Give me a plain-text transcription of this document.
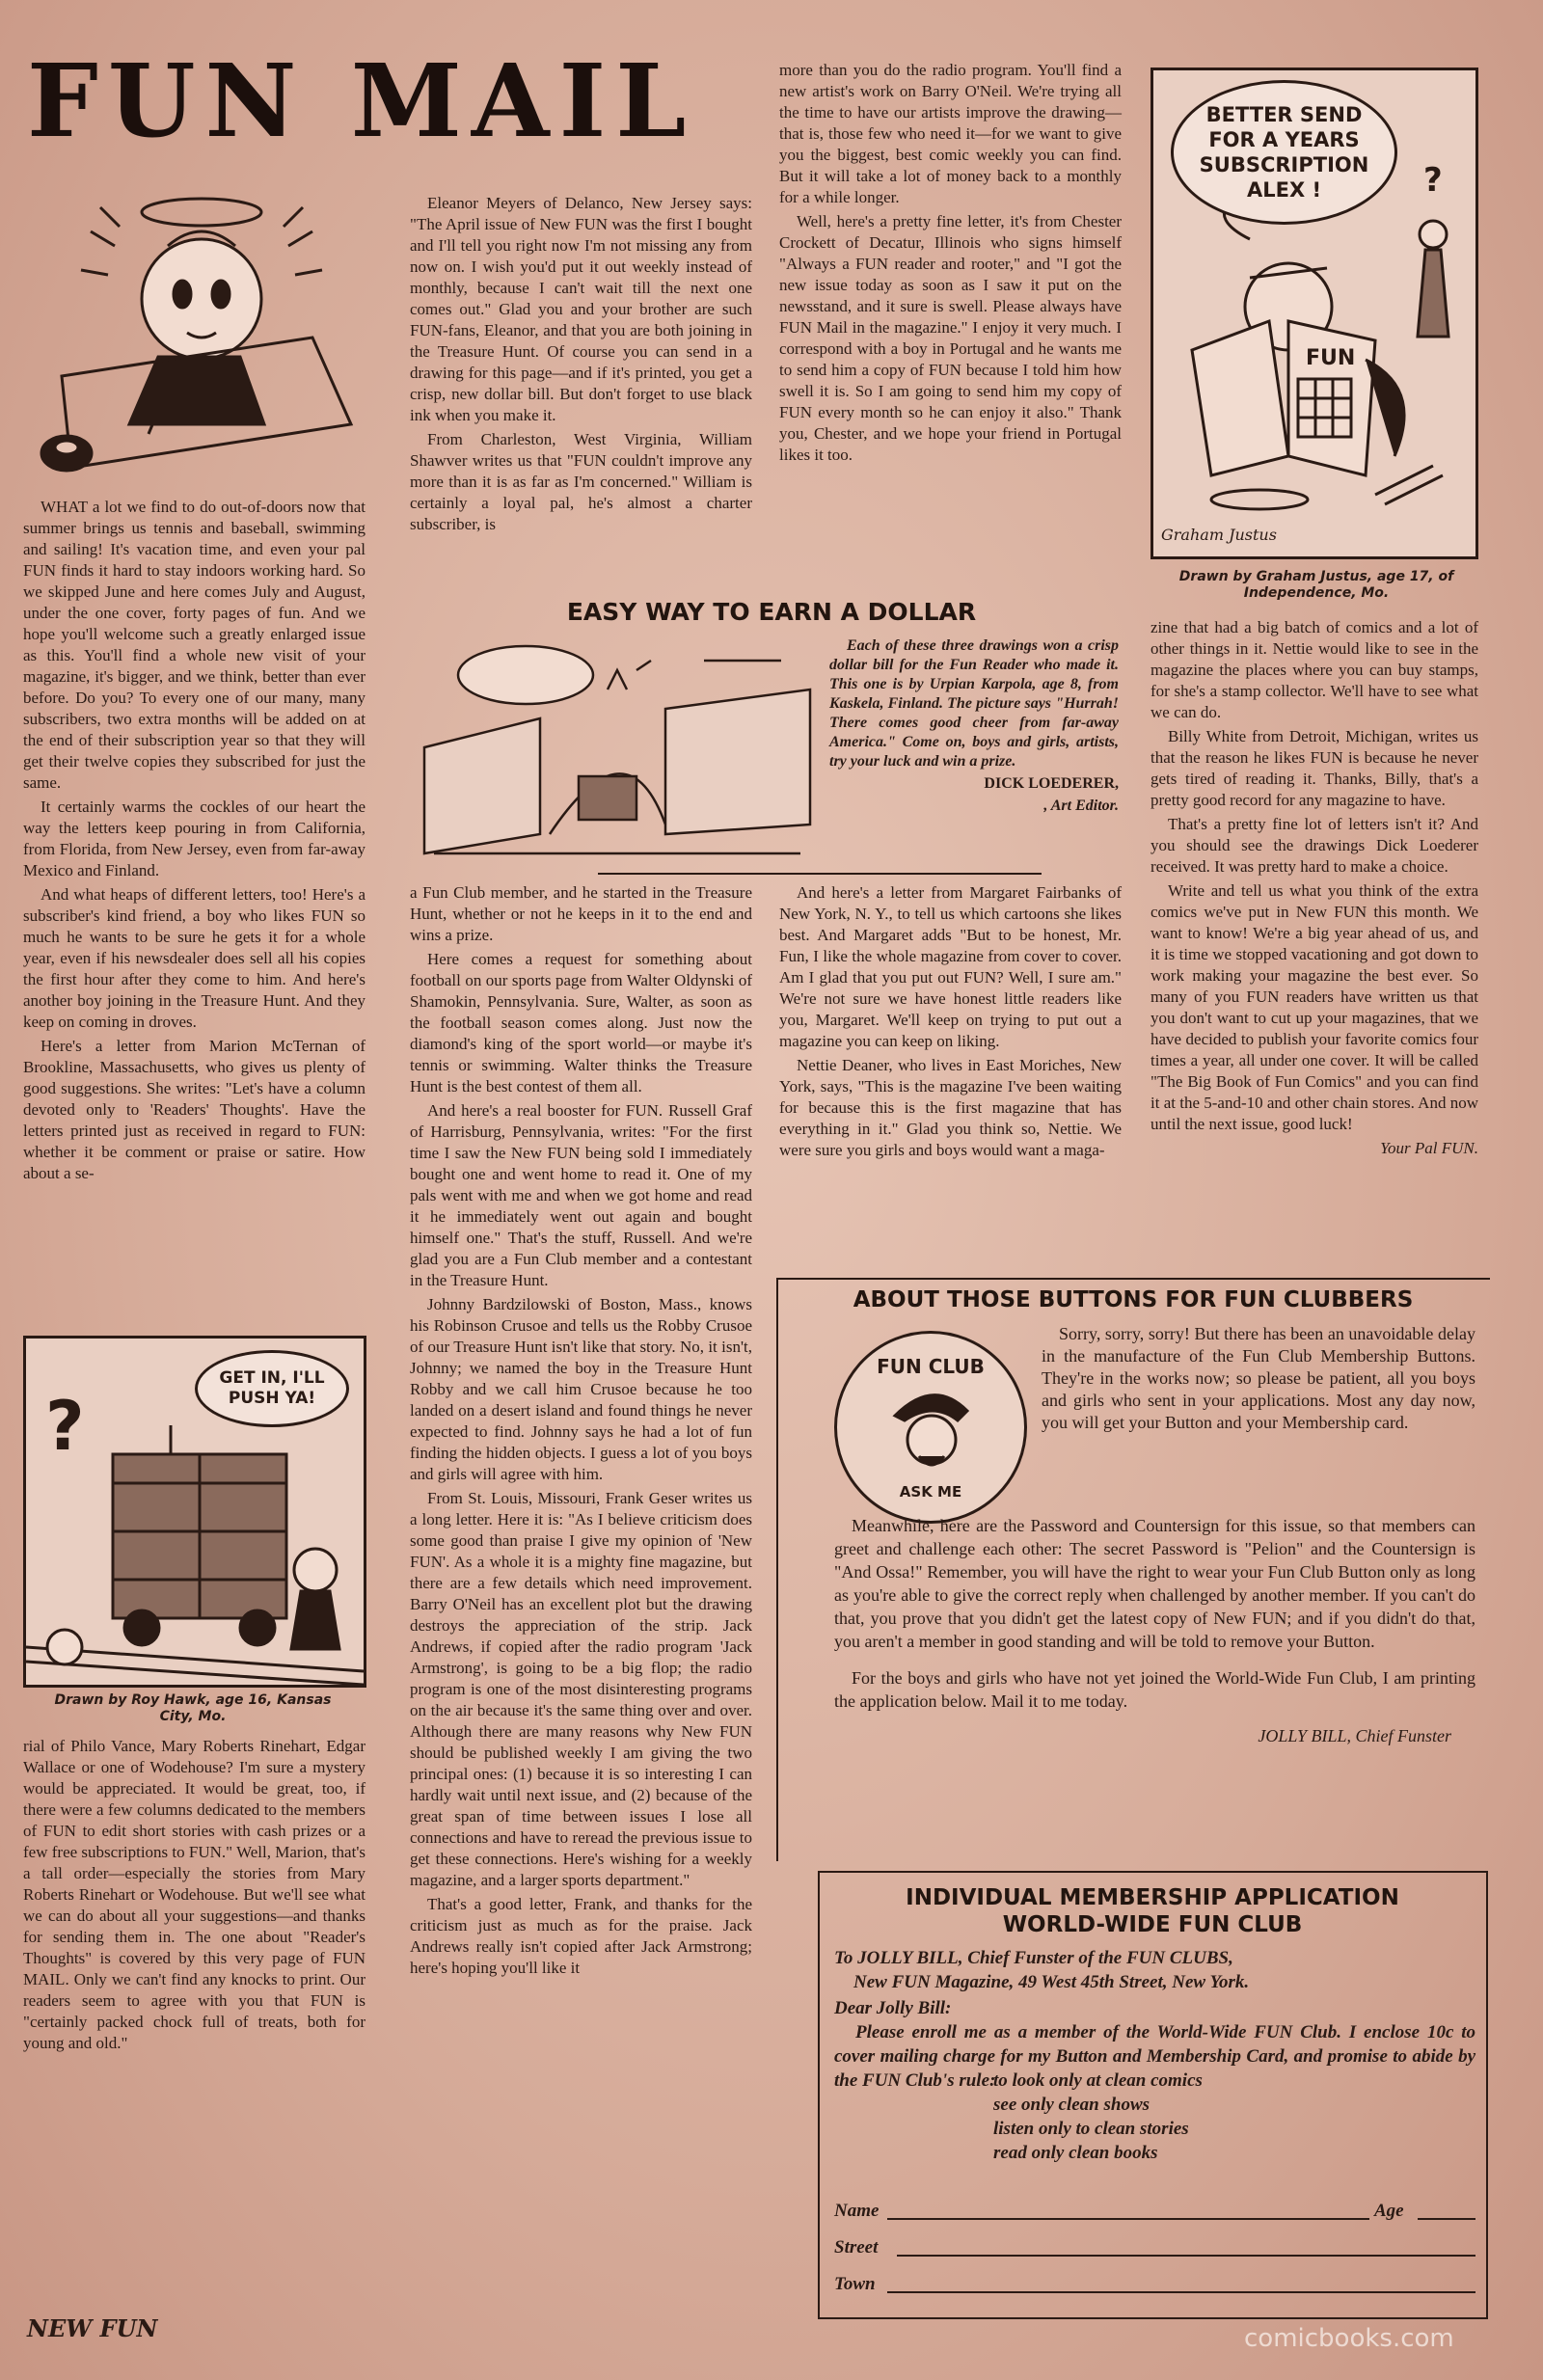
FUN MAIL

WHAT a lot we find to do out-of-doors now that summer brings us tennis and baseball, swimming and sailing! It's vacation time, and even your pal FUN finds it hard to stay indoors working hard. So we skipped June and here comes July and August, under the one cover, forty pages of fun. And we hope you'll welcome such a greatly enlarged issue as this. You'll find a whole new visit of your magazine, it's bigger, and we think, better than ever before. Do you? To every one of our many, many subscribers, two extra months will be added on at the end of their subscription year so that they will get their twelve copies they subscribed for just the same.

It certainly warms the cockles of our heart the way the letters keep pouring in from California, from Florida, from New Jersey, even from far-away Mexico and Finland.

And what heaps of different letters, too! Here's a subscriber's kind friend, a boy who likes FUN so much he wants to be sure he gets it for a whole year, even if his newsdealer does sell all his copies the first hour after they come to him. And here's another boy joining in the Treasure Hunt. And they keep on coming in droves.

Here's a letter from Marion McTernan of Brookline, Massachusetts, who gives us plenty of good suggestions. She writes: "Let's have a column devoted only to 'Readers' Thoughts'. Have the letters printed just as received in regard to FUN: whether it be comment or praise or satire. How about a se-

?
GET IN, I'LL
PUSH YA!
Drawn by Roy Hawk, age 16, Kansas City, Mo.

rial of Philo Vance, Mary Roberts Rinehart, Edgar Wallace or one of Wodehouse? I'm sure a mystery would be appreciated. It would be great, too, if there were a few columns dedicated to the members of FUN to edit short stories with cash prizes or a few free subscriptions to FUN." Well, Marion, that's a tall order—especially the stories from Mary Roberts Rinehart or Wodehouse. But we'll see what we can do about all your suggestions—and thanks for sending them in. The one about "Reader's Thoughts" is covered by this very page of FUN MAIL. Only we can't find any knocks to print. Our readers seem to agree with you that FUN is "certainly packed chock full of treats, both for young and old."

Eleanor Meyers of Delanco, New Jersey says: "The April issue of New FUN was the first I bought and I'll tell you right now I'm not missing any from now on. I wish you'd put it out weekly instead of monthly, because I can't wait till the next one comes out." Glad you and your brother are such FUN-fans, Eleanor, and that you are both joining in the Treasure Hunt. Of course you can send in a drawing for this page—and if it's printed, you get a crisp, new dollar bill. But don't forget to use black ink when you make it.

From Charleston, West Virginia, William Shawver writes us that "FUN couldn't improve any more than it is as far as I'm concerned." William is certainly a loyal pal, he's almost a charter subscriber, is

more than you do the radio program. You'll find a new artist's work on Barry O'Neil. We're trying all the time to have our artists improve the drawing—that is, those few who need it—for we want to give you the biggest, best comic weekly you can find. But it will take a lot of money back to a monthly for a while longer.

Well, here's a pretty fine letter, it's from Chester Crockett of Decatur, Illinois who signs himself "Always a FUN reader and rooter," and "I got the new issue today as soon as I saw it put on the newsstand, and it sure is swell. Please always have FUN Mail in the magazine." I enjoy it very much. I correspond with a boy in Portugal and he wants me to send him a copy of FUN because I told him how swell it is. So I am going to send him my copy of FUN every month so he can enjoy it also." Thank you, Chester, and we hope your friend in Portugal likes it too.

?
FUN
BETTER SEND
FOR A YEARS
SUBSCRIPTION
ALEX !
Graham Justus
Drawn by Graham Justus, age 17, of Independence, Mo.
EASY WAY TO EARN A DOLLAR

Each of these three drawings won a crisp dollar bill for the Fun Reader who made it. This one is by Urpian Karpola, age 8, from Kaskela, Finland. The picture says "Hurrah! There comes good cheer from far-away America." Come on, boys and girls, artists, try your luck and win a prize.

DICK LOEDERER,

, Art Editor.

a Fun Club member, and he started in the Treasure Hunt, whether or not he keeps in it to the end and wins a prize.

Here comes a request for something about football on our sports page from Walter Oldynski of Shamokin, Pennsylvania. Sure, Walter, as soon as the football season comes along. Just now the diamond's king of the sport world—or maybe it's tennis or swimming. Walter thinks the Treasure Hunt is the best contest of them all.

And here's a real booster for FUN. Russell Graf of Harrisburg, Pennsylvania, writes: "For the first time I saw the New FUN being sold I immediately bought one and went home to read it. One of my pals went with me and when we got home and read it he immediately went out again and bought himself one." That's the stuff, Russell. And we're glad you are a Fun Club member and a contestant in the Treasure Hunt.

Johnny Bardzilowski of Boston, Mass., knows his Robinson Crusoe and tells us the Robby Crusoe of our Treasure Hunt isn't like that story. No, it isn't, Johnny; we named the boy in the Treasure Hunt Robby and we call him Crusoe because he too landed on a desert island and found things he never expected to find. Johnny says he had a lot of fun finding the hidden objects. I guess a lot of you boys and girls will agree with him.

From St. Louis, Missouri, Frank Geser writes us a long letter. Here it is: "As I believe criticism does some good than praise I give my opinion of 'New FUN'. As a whole it is a mighty fine magazine, but there are a few details which need improvement. Barry O'Neil has an excellent plot but the drawing destroys the appreciation of the strip. Jack Andrews, if copied after the radio program 'Jack Armstrong', is going to be a big flop; the radio program is one of the most disinteresting programs on the air because it's the same thing over and over. Although there are many reasons why New FUN should be published weekly I am giving the two principal ones: (1) because it is so interesting I can hardly wait until next issue, and (2) because of the great span of time between issues I lose all connections and have to reread the previous issue to get these connections. Here's wishing for a weekly magazine, and a larger sports department."

That's a good letter, Frank, and thanks for the criticism just as much as for the praise. Jack Andrews really isn't copied after Jack Armstrong; here's hoping you'll like it

And here's a letter from Margaret Fairbanks of New York, N. Y., to tell us which cartoons she likes best. And Margaret adds "But to be honest, Mr. Fun, I like the whole magazine from cover to cover. Am I glad that you put out FUN? Well, I sure am." We're not sure we have honest little readers like you, Margaret. We'll keep on trying to put out a magazine you can keep on liking.

Nettie Deaner, who lives in East Moriches, New York, says, "This is the magazine I've been waiting for because this is the first magazine that has everything in it." Glad you think so, Nettie. We were sure you girls and boys would want a maga-

zine that had a big batch of comics and a lot of other things in it. Nettie would like to see in the magazine the places where you can buy stamps, for she's a stamp collector. We'll have to see what we can do.

Billy White from Detroit, Michigan, writes us that the reason he likes FUN is because he never gets tired of reading it. Thanks, Billy, that's a pretty good record for any magazine to have.

That's a pretty fine lot of letters isn't it? And you should see the drawings Dick Loederer received. It was pretty hard to make a choice.

Write and tell us what you think of the extra comics we've put in New FUN this month. We want to know! We're a big year ahead of us, and it is time we stopped vacationing and got down to work making your magazine the best ever. So many of you FUN readers have written us that you don't want to cut up your magazines, that we have decided to publish your favorite comics four times a year, all under one cover. It will be called "The Big Book of Fun Comics" and you can find it at the 5-and-10 and other chain stores. And now until the next issue, good luck!

Your Pal FUN.

ABOUT THOSE BUTTONS FOR FUN CLUBBERS
FUN CLUB
ASK ME

Sorry, sorry, sorry! But there has been an unavoidable delay in the manufacture of the Fun Club Membership Buttons. They're in the works now; so please be patient, all you boys and girls who sent in your applications. Most any day now, you will get your Button and your Membership card.

Meanwhile, here are the Password and Countersign for this issue, so that members can greet and challenge each other: The secret Password is "Pelion" and the Countersign is "And Ossa!" Remember, you will have the right to wear your Fun Club Button only as long as you're able to give the correct reply when challenged by another member. If you can't do that, you prove that you didn't get the latest copy of New FUN; and if you didn't do that, you aren't a member in good standing and will be told to remove your Button.

For the boys and girls who have not yet joined the World-Wide Fun Club, I am printing the application below. Mail it to me today.

JOLLY BILL, Chief Funster

INDIVIDUAL MEMBERSHIP APPLICATION
WORLD-WIDE FUN CLUB
To JOLLY BILL, Chief Funster of the FUN CLUBS,
New FUN Magazine, 49 West 45th Street, New York.
Dear Jolly Bill:
Please enroll me as a member of the World-Wide FUN Club. I enclose 10c to cover mailing charge for my Button and Membership Card, and promise to abide by the FUN Club's rule:
to look only at clean comics
see only clean shows
listen only to clean stories
read only clean books
Name	Age
Street
Town
NEW FUN	comicbooks.com
